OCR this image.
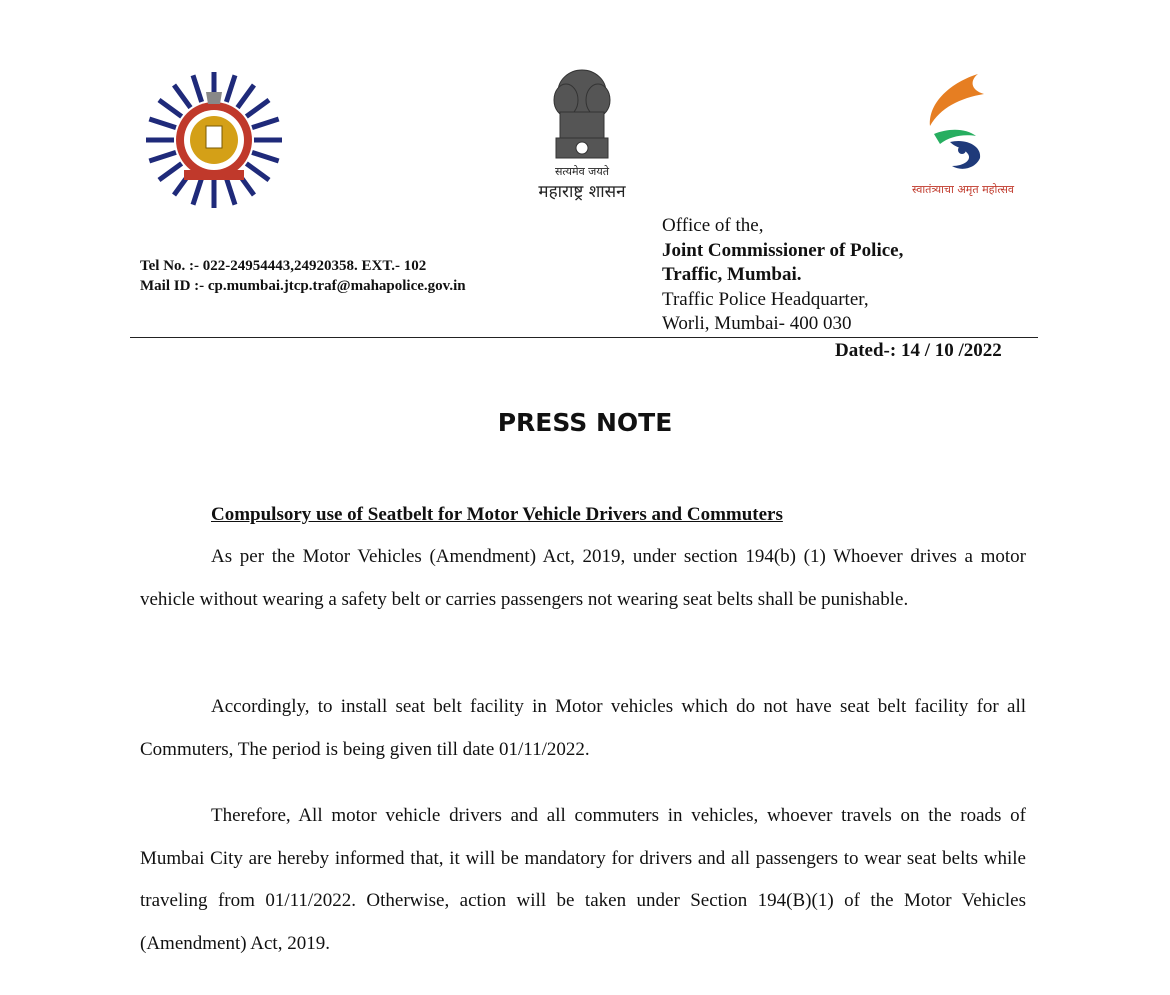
सत्यमेव जयते
महाराष्ट्र शासन	स्वातंत्र्याचा अमृत महोत्सव
Tel No. :- 022-24954443,24920358. EXT.- 102
Mail ID :- cp.mumbai.jtcp.traf@mahapolice.gov.in
Office of the,
Joint Commissioner of Police,
Traffic, Mumbai.
Traffic Police Headquarter,
Worli, Mumbai- 400 030
Dated-: 14 / 10 /2022
PRESS NOTE
Compulsory use of Seatbelt for Motor Vehicle Drivers and Commuters
As per the Motor Vehicles (Amendment) Act, 2019, under section 194(b) (1) Whoever drives a motor vehicle without wearing a safety belt or carries passengers not wearing seat belts shall be punishable.
Accordingly, to install seat belt facility in Motor vehicles which do not have seat belt facility for all Commuters, The period is being given till date 01/11/2022.
Therefore, All motor vehicle drivers and all commuters in vehicles, whoever travels on the roads of Mumbai City are hereby informed that, it will be mandatory for drivers and all passengers to wear seat belts while traveling from 01/11/2022. Otherwise, action will be taken under Section 194(B)(1) of the Motor Vehicles (Amendment) Act, 2019.
